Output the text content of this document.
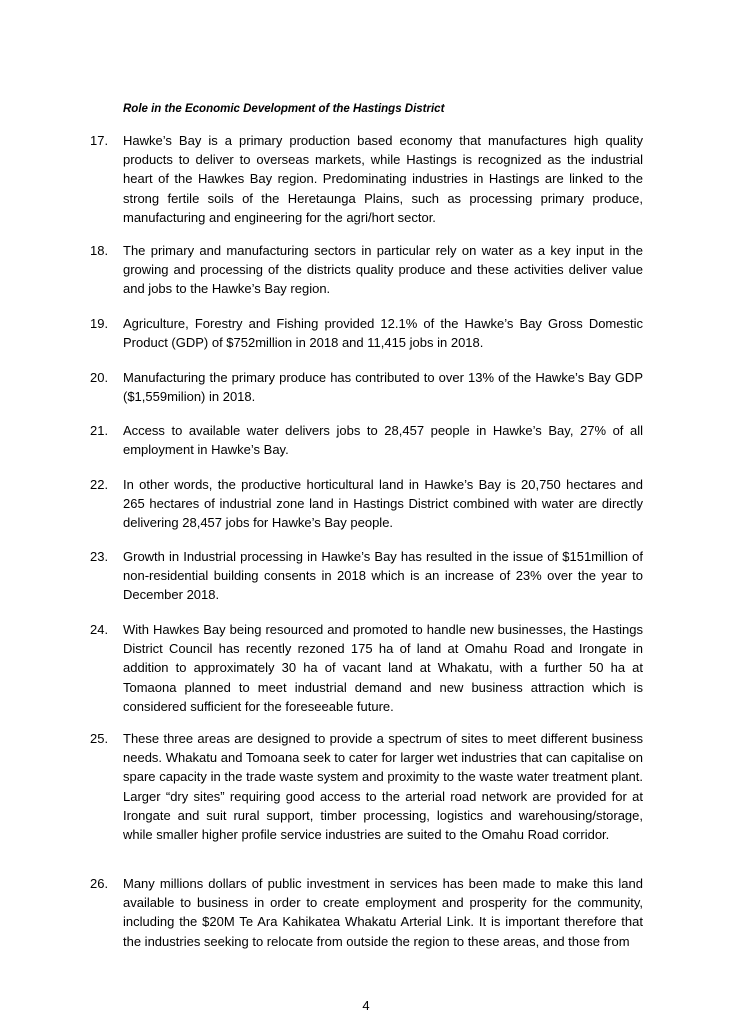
Role in the Economic Development of the Hastings District
17.	Hawke’s Bay is a primary production based economy that manufactures high quality products to deliver to overseas markets, while Hastings is recognized as the industrial heart of the Hawkes Bay region. Predominating industries in Hastings are linked to the strong fertile soils of the Heretaunga Plains, such as processing primary produce, manufacturing and engineering for the agri/hort sector.
18.	The primary and manufacturing sectors in particular rely on water as a key input in the growing and processing of the districts quality produce and these activities deliver value and jobs to the Hawke’s Bay region.
19.	Agriculture, Forestry and Fishing provided 12.1% of the Hawke’s Bay Gross Domestic Product (GDP) of $752million in 2018 and 11,415 jobs in 2018.
20.	Manufacturing the primary produce has contributed to over 13% of the Hawke’s Bay GDP ($1,559milion) in 2018.
21.	Access to available water delivers jobs to 28,457 people in Hawke’s Bay, 27% of all employment in Hawke’s Bay.
22.	In other words, the productive horticultural land in Hawke’s Bay is 20,750 hectares and 265 hectares of industrial zone land in Hastings District combined with water are directly delivering 28,457 jobs for Hawke’s Bay people.
23.	Growth in Industrial processing in Hawke’s Bay has resulted in the issue of $151million of non-residential building consents in 2018 which is an increase of 23% over the year to December 2018.
24.	With Hawkes Bay being resourced and promoted to handle new businesses, the Hastings District Council has recently rezoned 175 ha of land at Omahu Road and Irongate in addition to approximately 30 ha of vacant land at Whakatu, with a further 50 ha at Tomaona planned to meet industrial demand and new business attraction which is considered sufficient for the foreseeable future.
25.	These three areas are designed to provide a spectrum of sites to meet different business needs. Whakatu and Tomoana seek to cater for larger wet industries that can capitalise on spare capacity in the trade waste system and proximity to the waste water treatment plant. Larger “dry sites” requiring good access to the arterial road network are provided for at Irongate and suit rural support, timber processing, logistics and warehousing/storage, while smaller higher profile service industries are suited to the Omahu Road corridor.
26.	Many millions dollars of public investment in services has been made to make this land available to business in order to create employment and prosperity for the community, including the $20M Te Ara Kahikatea Whakatu Arterial Link. It is important therefore that the industries seeking to relocate from outside the region to these areas, and those from
4
